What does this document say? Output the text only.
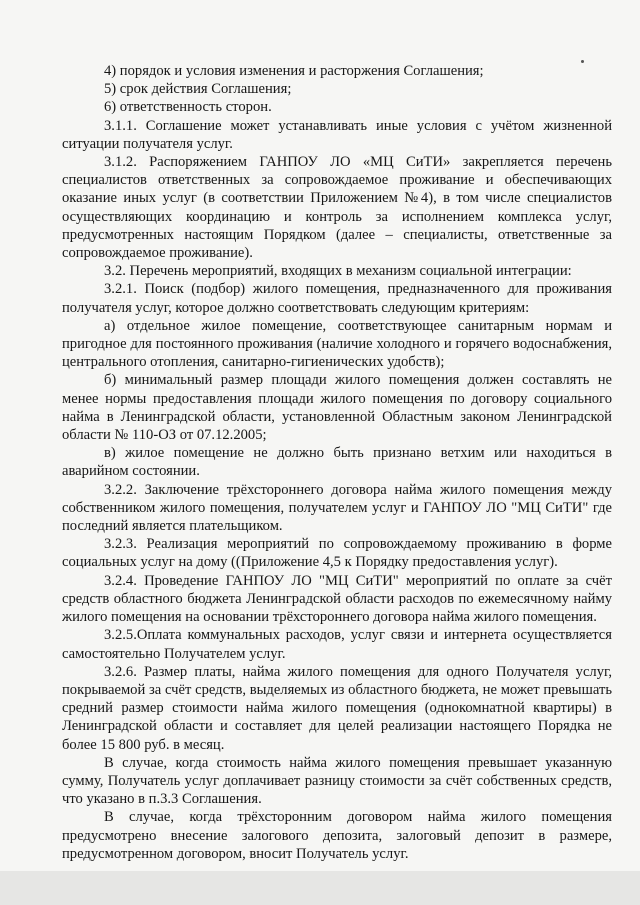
4) порядок и условия изменения и расторжения Соглашения;

5) срок действия Соглашения;

6) ответственность сторон.

3.1.1. Соглашение может устанавливать иные условия с учётом жизненной ситуации получателя услуг.

3.1.2. Распоряжением ГАНПОУ ЛО «МЦ СиТИ» закрепляется перечень специалистов ответственных за сопровождаемое проживание и обеспечивающих оказание иных услуг (в соответствии Приложением №4), в том числе специалистов осуществляющих координацию и контроль за исполнением комплекса услуг, предусмотренных настоящим Порядком (далее – специалисты, ответственные за сопровождаемое проживание).

3.2. Перечень мероприятий, входящих в механизм социальной интеграции:

3.2.1. Поиск (подбор) жилого помещения, предназначенного для проживания получателя услуг, которое должно соответствовать следующим критериям:

а) отдельное жилое помещение, соответствующее санитарным нормам и пригодное для постоянного проживания (наличие холодного и горячего водоснабжения, центрального отопления, санитарно-гигиенических удобств);

б) минимальный размер площади жилого помещения должен составлять не менее нормы предоставления площади жилого помещения по договору социального найма в Ленинградской области, установленной Областным законом Ленинградской области № 110-ОЗ от 07.12.2005;

в) жилое помещение не должно быть признано ветхим или находиться в аварийном состоянии.

3.2.2. Заключение трёхстороннего договора найма жилого помещения между собственником жилого помещения, получателем услуг и ГАНПОУ ЛО "МЦ СиТИ" где последний является плательщиком.

3.2.3. Реализация мероприятий по сопровождаемому проживанию в форме социальных услуг на дому ((Приложение 4,5 к Порядку предоставления услуг).

3.2.4. Проведение ГАНПОУ ЛО "МЦ СиТИ" мероприятий по оплате за счёт средств областного бюджета Ленинградской области расходов по ежемесячному найму жилого помещения на основании трёхстороннего договора найма жилого помещения.

3.2.5.Оплата коммунальных расходов, услуг связи и интернета осуществляется самостоятельно Получателем услуг.

3.2.6. Размер платы, найма жилого помещения для одного Получателя услуг, покрываемой за счёт средств, выделяемых из областного бюджета, не может превышать средний размер стоимости найма жилого помещения (однокомнатной квартиры) в Ленинградской области и составляет для целей реализации настоящего Порядка не более 15 800 руб. в месяц.

В случае, когда стоимость найма жилого помещения превышает указанную сумму, Получатель услуг доплачивает разницу стоимости за счёт собственных средств, что указано в п.3.3 Соглашения.

В случае, когда трёхсторонним договором найма жилого помещения предусмотрено внесение залогового депозита, залоговый депозит в размере, предусмотренном договором, вносит Получатель услуг.
